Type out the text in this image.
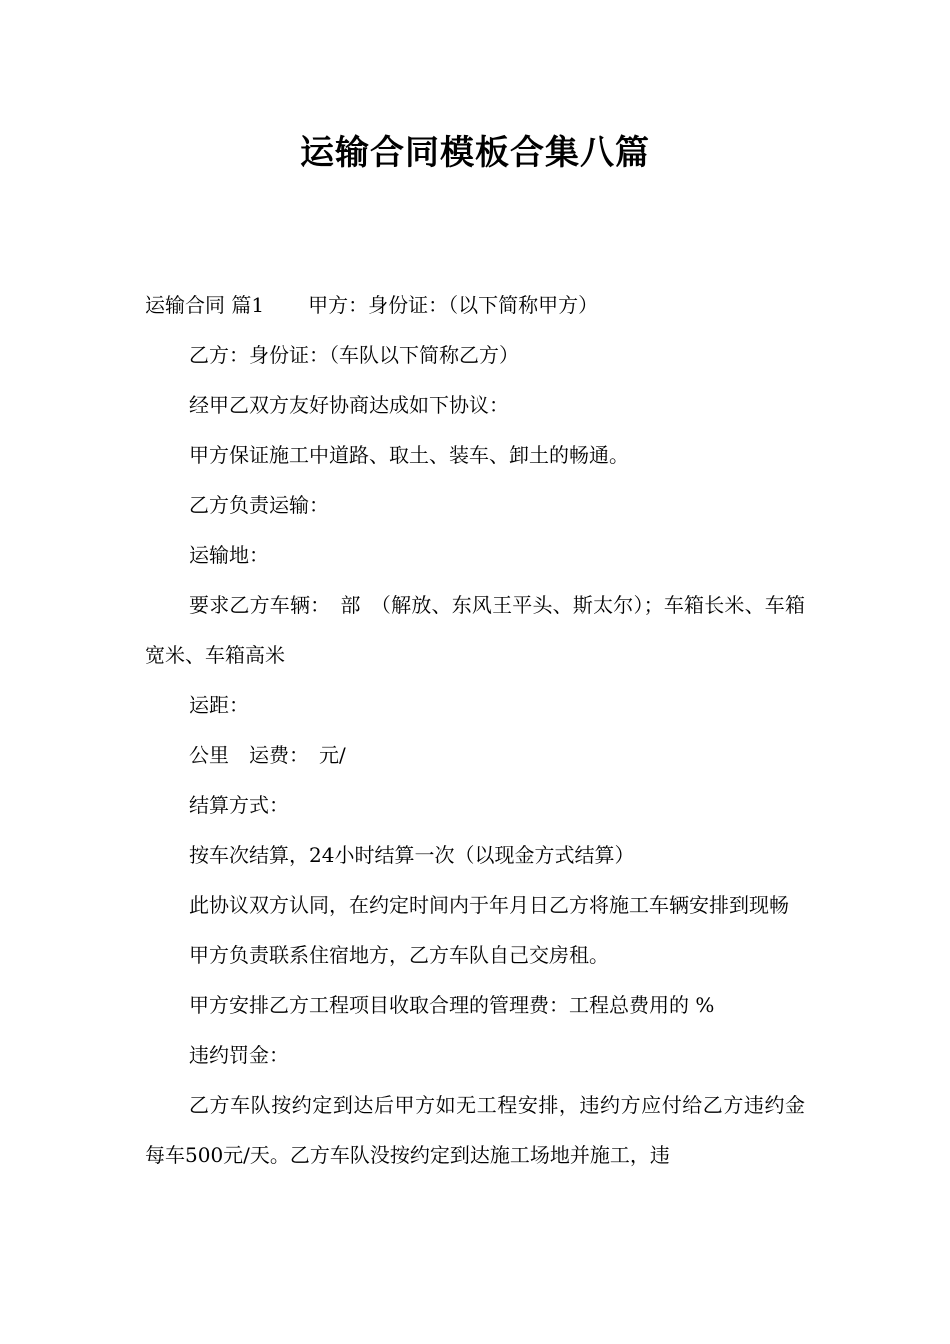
运输合同模板合集八篇

运输合同 篇1 甲方：身份证：（以下简称甲方）

乙方：身份证：（车队以下简称乙方）

经甲乙双方友好协商达成如下协议：

甲方保证施工中道路、取土、装车、卸土的畅通。

乙方负责运输：

运输地：

要求乙方车辆：　部　（解放、东风王平头、斯太尔）；车箱长米、车箱宽米、车箱高米

运距：

公里　运费：　元/

结算方式：

按车次结算，24小时结算一次（以现金方式结算）

此协议双方认同，在约定时间内于年月日乙方将施工车辆安排到现畅

甲方负责联系住宿地方，乙方车队自己交房租。

甲方安排乙方工程项目收取合理的管理费：工程总费用的 %

违约罚金：

乙方车队按约定到达后甲方如无工程安排，违约方应付给乙方违约金每车500元/天。乙方车队没按约定到达施工场地并施工，违
